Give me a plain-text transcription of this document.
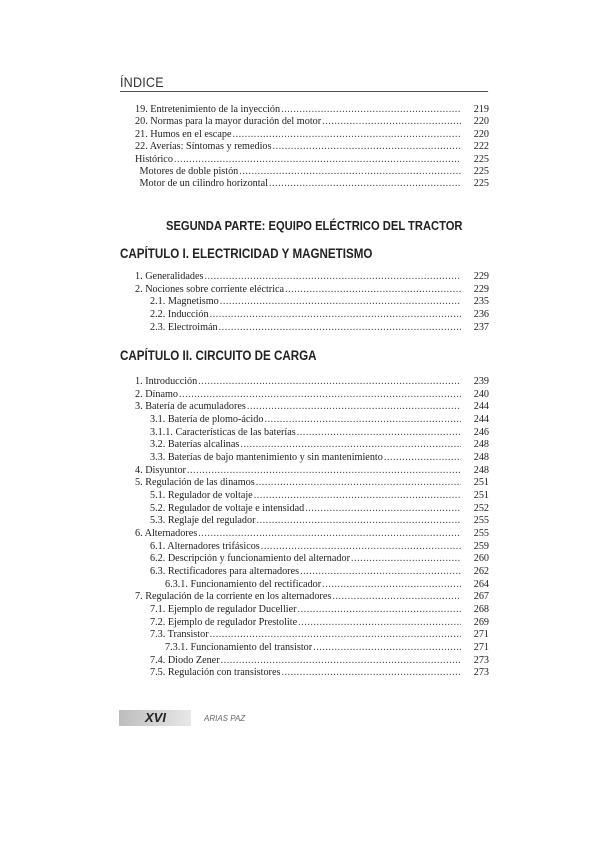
ÍNDICE
19. Entretenimiento de la inyección .....	219
20. Normas para la mayor duración del motor .....	220
21. Humos en el escape .....	220
22. Averías: Síntomas y remedios .....	222
Histórico .....	225
Motores de doble pistón .....	225
Motor de un cilindro horizontal .....	225
SEGUNDA PARTE: EQUIPO ELÉCTRICO DEL TRACTOR
CAPÍTULO I. ELECTRICIDAD Y MAGNETISMO
1. Generalidades .....	229
2. Nociones sobre corriente eléctrica .....	229
2.1. Magnetismo .....	235
2.2. Inducción .....	236
2.3. Electroimán .....	237
CAPÍTULO II. CIRCUITO DE CARGA
1. Introducción .....	239
2. Dínamo .....	240
3. Batería de acumuladores .....	244
3.1. Batería de plomo-ácido .....	244
3.1.1. Características de las baterías .....	246
3.2. Baterías alcalinas .....	248
3.3. Baterías de bajo mantenimiento y sin mantenimiento .....	248
4. Disyuntor .....	248
5. Regulación de las dinamos .....	251
5.1. Regulador de voltaje .....	251
5.2. Regulador de voltaje e intensidad .....	252
5.3. Reglaje del regulador .....	255
6. Alternadores .....	255
6.1. Alternadores trifásicos .....	259
6.2. Descripción y funcionamiento del alternador .....	260
6.3. Rectificadores para alternadores .....	262
6.3.1. Funcionamiento del rectificador .....	264
7. Regulación de la corriente en los alternadores .....	267
7.1. Ejemplo de regulador Ducellier .....	268
7.2. Ejemplo de regulador Prestolite .....	269
7.3. Transistor .....	271
7.3.1. Funcionamiento del transistor .....	271
7.4. Diodo Zener .....	273
7.5. Regulación con transistores .....	273
XVI	ARIAS PAZ
